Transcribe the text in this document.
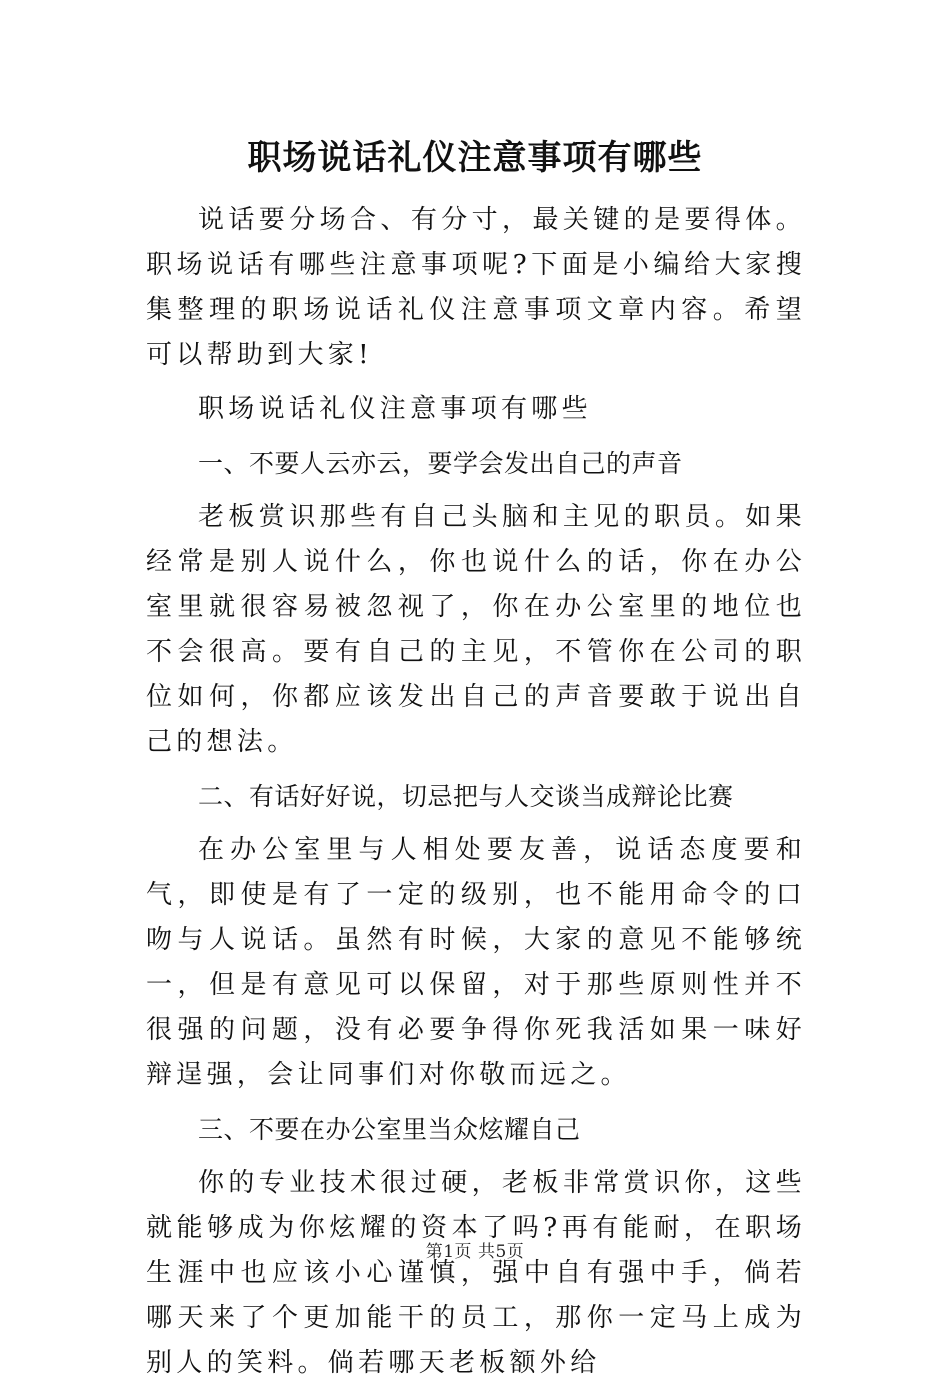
职场说话礼仪注意事项有哪些

说话要分场合、有分寸，最关键的是要得体。职场说话有哪些注意事项呢?下面是小编给大家搜集整理的职场说话礼仪注意事项文章内容。希望可以帮助到大家!

职场说话礼仪注意事项有哪些

一、不要人云亦云，要学会发出自己的声音

老板赏识那些有自己头脑和主见的职员。如果经常是别人说什么，你也说什么的话，你在办公室里就很容易被忽视了，你在办公室里的地位也不会很高。要有自己的主见，不管你在公司的职位如何，你都应该发出自己的声音要敢于说出自己的想法。

二、有话好好说，切忌把与人交谈当成辩论比赛

在办公室里与人相处要友善，说话态度要和气，即使是有了一定的级别，也不能用命令的口吻与人说话。虽然有时候，大家的意见不能够统一，但是有意见可以保留，对于那些原则性并不很强的问题，没有必要争得你死我活如果一味好辩逞强，会让同事们对你敬而远之。

三、不要在办公室里当众炫耀自己

你的专业技术很过硬，老板非常赏识你，这些就能够成为你炫耀的资本了吗?再有能耐，在职场生涯中也应该小心谨慎，强中自有强中手，倘若哪天来了个更加能干的员工，那你一定马上成为别人的笑料。倘若哪天老板额外给

第1页 共5页
